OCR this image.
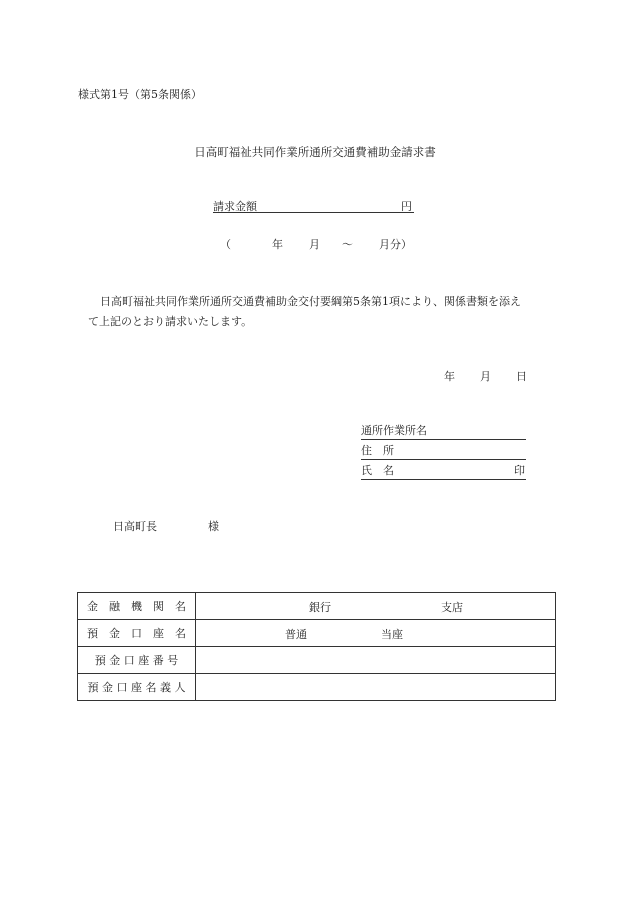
様式第1号（第5条関係）
日高町福祉共同作業所通所交通費補助金請求書
請求金額	円
（	年 月 〜 月分）
日高町福祉共同作業所通所交通費補助金交付要綱第5条第1項により、関係書類を添え
て上記のとおり請求いたします。
年 月 日
通所作業所名
住　所
氏　名	印
日高町長	様
金　融　機　関　名	銀行 支店

預　金　口　座　名	普通 当座

預 金 口 座 番 号	
預 金 口 座 名 義 人	
